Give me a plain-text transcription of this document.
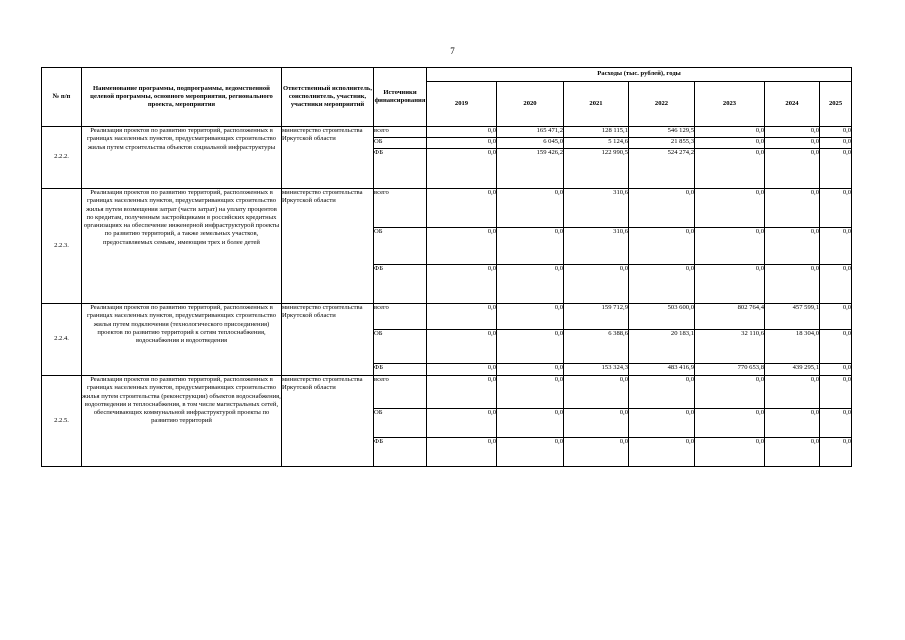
7
№ п/п	Наименование программы, подпрограммы, ведомственной целевой программы, основного мероприятия, регионального проекта, мероприятия	Ответственный исполнитель, соисполнитель, участник, участники мероприятий	Источники финансирования	Расходы (тыс. рублей), годы						
				2019	2020	2021	2022	2023	2024	2025
2.2.2.	Реализация проектов по развитию территорий, расположенных в границах населенных пунктов, предусматривающих строительство жилья путем строительства объектов социальной инфраструктуры	министерство строительства Иркутской области	всего	0,0	165 471,2	128 115,1	546 129,5	0,0	0,0	0,0
			ОБ	0,0	6 045,0	5 124,6	21 855,3	0,0	0,0	0,0
			ФБ	0,0	159 426,2	122 990,5	524 274,2	0,0	0,0	0,0
2.2.3.	Реализация проектов по развитию территорий, расположенных в границах населенных пунктов, предусматривающих строительство жилья путем возмещения затрат (части затрат) на уплату процентов по кредитам, полученным застройщиками в российских кредитных организациях на обеспечение инженерной инфраструктурой проекты по развитию территорий, а также земельных участков, предоставляемых семьям, имеющим трех и более детей	министерство строительства Иркутской области	всего	0,0	0,0	310,6	0,0	0,0	0,0	0,0
			ОБ	0,0	0,0	310,6	0,0	0,0	0,0	0,0
			ФБ	0,0	0,0	0,0	0,0	0,0	0,0	0,0
2.2.4.	Реализация проектов по развитию территорий, расположенных в границах населенных пунктов, предусматривающих строительство жилья путем подключения (технологического присоединения) проектов по развитию территорий к сетям теплоснабжения, водоснабжения и водоотведения	министерство строительства Иркутской области	всего	0,0	0,0	159 712,9	503 600,0	802 764,4	457 599,1	0,0
			ОБ	0,0	0,0	6 388,6	20 183,1	32 110,6	18 304,0	0,0
			ФБ	0,0	0,0	153 324,3	483 416,9	770 653,8	439 295,1	0,0
2.2.5.	Реализация проектов по развитию территорий, расположенных в границах населенных пунктов, предусматривающих строительство жилья путем строительства (реконструкции) объектов водоснабжения, водоотведения и теплоснабжения, в том числе магистральных сетей, обеспечивающих коммунальной инфраструктурой проекты по развитию территорий	министерство строительства Иркутской области	всего	0,0	0,0	0,0	0,0	0,0	0,0	0,0
			ОБ	0,0	0,0	0,0	0,0	0,0	0,0	0,0
			ФБ	0,0	0,0	0,0	0,0	0,0	0,0	0,0
